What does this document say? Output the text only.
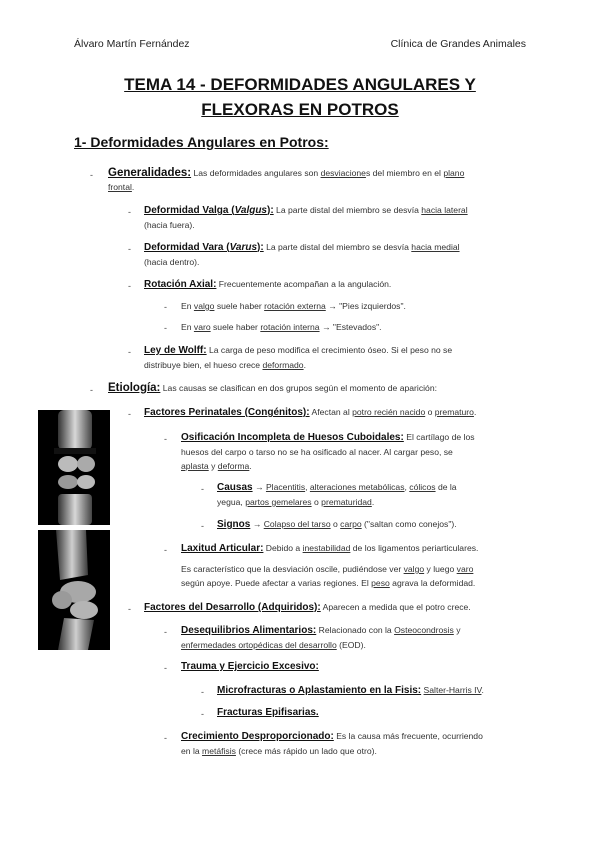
Álvaro Martín Fernández	Clínica de Grandes Animales
TEMA 14 - DEFORMIDADES ANGULARES Y
FLEXORAS EN POTROS
1- Deformidades Angulares en Potros:
- Generalidades: Las deformidades angulares son desviaciones del miembro en el plano
frontal.
- Deformidad Valga (Valgus): La parte distal del miembro se desvía hacia lateral
(hacia fuera).
- Deformidad Vara (Varus): La parte distal del miembro se desvía hacia medial
(hacia dentro).
- Rotación Axial: Frecuentemente acompañan a la angulación.
- En valgo suele haber rotación externa → "Pies izquierdos".
- En varo suele haber rotación interna → "Estevados".
- Ley de Wolff: La carga de peso modifica el crecimiento óseo. Si el peso no se
distribuye bien, el hueso crece deformado.
- Etiología: Las causas se clasifican en dos grupos según el momento de aparición:
- Factores Perinatales (Congénitos): Afectan al potro recién nacido o prematuro.
- Osificación Incompleta de Huesos Cuboidales: El cartílago de los
huesos del carpo o tarso no se ha osificado al nacer. Al cargar peso, se
aplasta y deforma.
- Causas → Placentitis, alteraciones metabólicas, cólicos de la
yegua, partos gemelares o prematuridad.
- Signos → Colapso del tarso o carpo ("saltan como conejos").
- Laxitud Articular: Debido a inestabilidad de los ligamentos periarticulares.
Es característico que la desviación oscile, pudiéndose ver valgo y luego varo
según apoye. Puede afectar a varias regiones. El peso agrava la deformidad.
- Factores del Desarrollo (Adquiridos): Aparecen a medida que el potro crece.
- Desequilibrios Alimentarios: Relacionado con la Osteocondrosis y
enfermedades ortopédicas del desarrollo (EOD).
- Trauma y Ejercicio Excesivo:
- Microfracturas o Aplastamiento en la Fisis: Salter-Harris IV.
- Fracturas Epifisarias.
- Crecimiento Desproporcionado: Es la causa más frecuente, ocurriendo
en la metáfisis (crece más rápido un lado que otro).
